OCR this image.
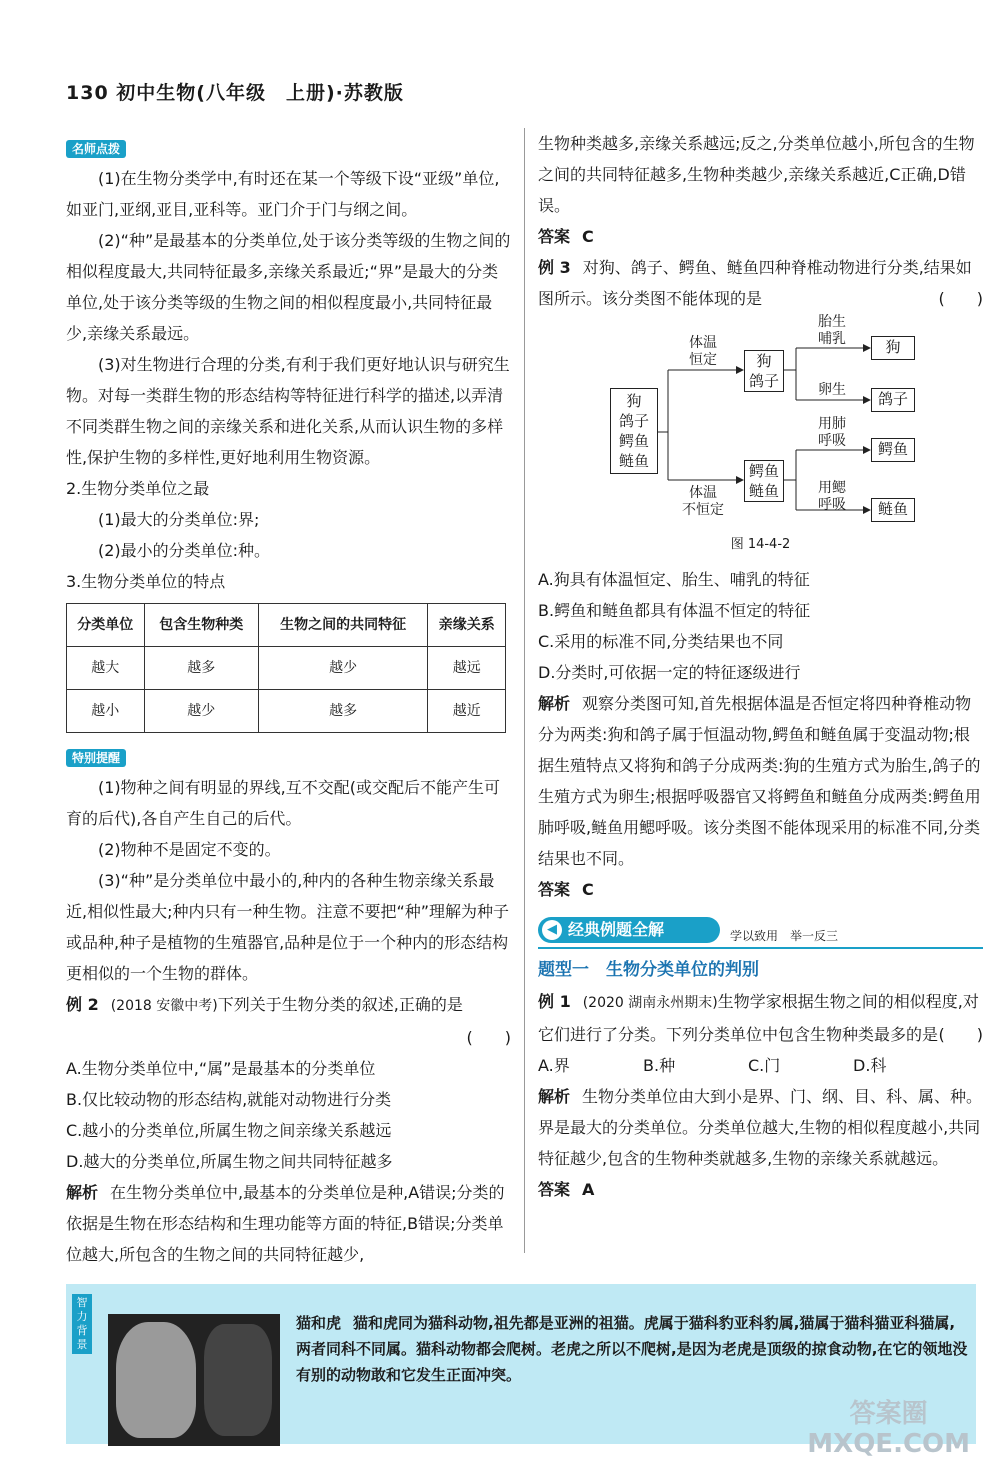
130 初中生物(八年级　上册)·苏教版
名师点拨

(1)在生物分类学中,有时还在某一个等级下设“亚级”单位,如亚门,亚纲,亚目,亚科等。亚门介于门与纲之间。

(2)“种”是最基本的分类单位,处于该分类等级的生物之间的相似程度最大,共同特征最多,亲缘关系最近;“界”是最大的分类单位,处于该分类等级的生物之间的相似程度最小,共同特征最少,亲缘关系最远。

(3)对生物进行合理的分类,有利于我们更好地认识与研究生物。对每一类群生物的形态结构等特征进行科学的描述,以弄清不同类群生物之间的亲缘关系和进化关系,从而认识生物的多样性,保护生物的多样性,更好地利用生物资源。

2.生物分类单位之最

(1)最大的分类单位:界;

(2)最小的分类单位:种。

3.生物分类单位的特点

分类单位	包含生物种类	生物之间的共同特征	亲缘关系
越大	越多	越少	越远
越小	越少	越多	越近
特别提醒

(1)物种之间有明显的界线,互不交配(或交配后不能产生可育的后代),各自产生自己的后代。

(2)物种不是固定不变的。

(3)“种”是分类单位中最小的,种内的各种生物亲缘关系最近,相似性最大;种内只有一种生物。注意不要把“种”理解为种子或品种,种子是植物的生殖器官,品种是位于一个种内的形态结构更相似的一个生物的群体。

例 2 (2018 安徽中考)下列关于生物分类的叙述,正确的是

(　　)

A.生物分类单位中,“属”是最基本的分类单位

B.仅比较动物的形态结构,就能对动物进行分类

C.越小的分类单位,所属生物之间亲缘关系越远

D.越大的分类单位,所属生物之间共同特征越多

解析 在生物分类单位中,最基本的分类单位是种,A错误;分类的依据是生物在形态结构和生理功能等方面的特征,B错误;分类单位越大,所包含的生物之间的共同特征越少,

生物种类越多,亲缘关系越远;反之,分类单位越小,所包含的生物之间的共同特征越多,生物种类越少,亲缘关系越近,C正确,D错误。

答案 C

例 3 对狗、鸽子、鳄鱼、鲢鱼四种脊椎动物进行分类,结果如图所示。该分类图不能体现的是	(　　)

狗
鸽子
鳄鱼
鲢鱼
体温
恒定
体温
不恒定
狗
鸽子
鳄鱼
鲢鱼
胎生
哺乳
卵生
用肺
呼吸
用鳃
呼吸
狗
鸽子
鳄鱼
鲢鱼

图 14-4-2

A.狗具有体温恒定、胎生、哺乳的特征

B.鳄鱼和鲢鱼都具有体温不恒定的特征

C.采用的标准不同,分类结果也不同

D.分类时,可依据一定的特征逐级进行

解析 观察分类图可知,首先根据体温是否恒定将四种脊椎动物分为两类:狗和鸽子属于恒温动物,鳄鱼和鲢鱼属于变温动物;根据生殖特点又将狗和鸽子分成两类:狗的生殖方式为胎生,鸽子的生殖方式为卵生;根据呼吸器官又将鳄鱼和鲢鱼分成两类:鳄鱼用肺呼吸,鲢鱼用鳃呼吸。该分类图不能体现采用的标准不同,分类结果也不同。

答案 C

经典例题全解
◀	学以致用　举一反三

题型一　生物分类单位的判别

例 1 (2020 湖南永州期末)生物学家根据生物之间的相似程度,对它们进行了分类。下列分类单位中包含生物种类最多的是 (　　)

A.界	B.种	C.门	D.科

解析 生物分类单位由大到小是界、门、纲、目、科、属、种。界是最大的分类单位。分类单位越大,生物的相似程度越小,共同特征越少,包含的生物种类就越多,生物的亲缘关系就越远。

答案 A

智力背景
猫和虎 猫和虎同为猫科动物,祖先都是亚洲的祖猫。虎属于猫科豹亚科豹属,猫属于猫科猫亚科猫属,两者同科不同属。猫科动物都会爬树。老虎之所以不爬树,是因为老虎是顶级的掠食动物,在它的领地没有别的动物敢和它发生正面冲突。
答案圈
MXQE.COM
